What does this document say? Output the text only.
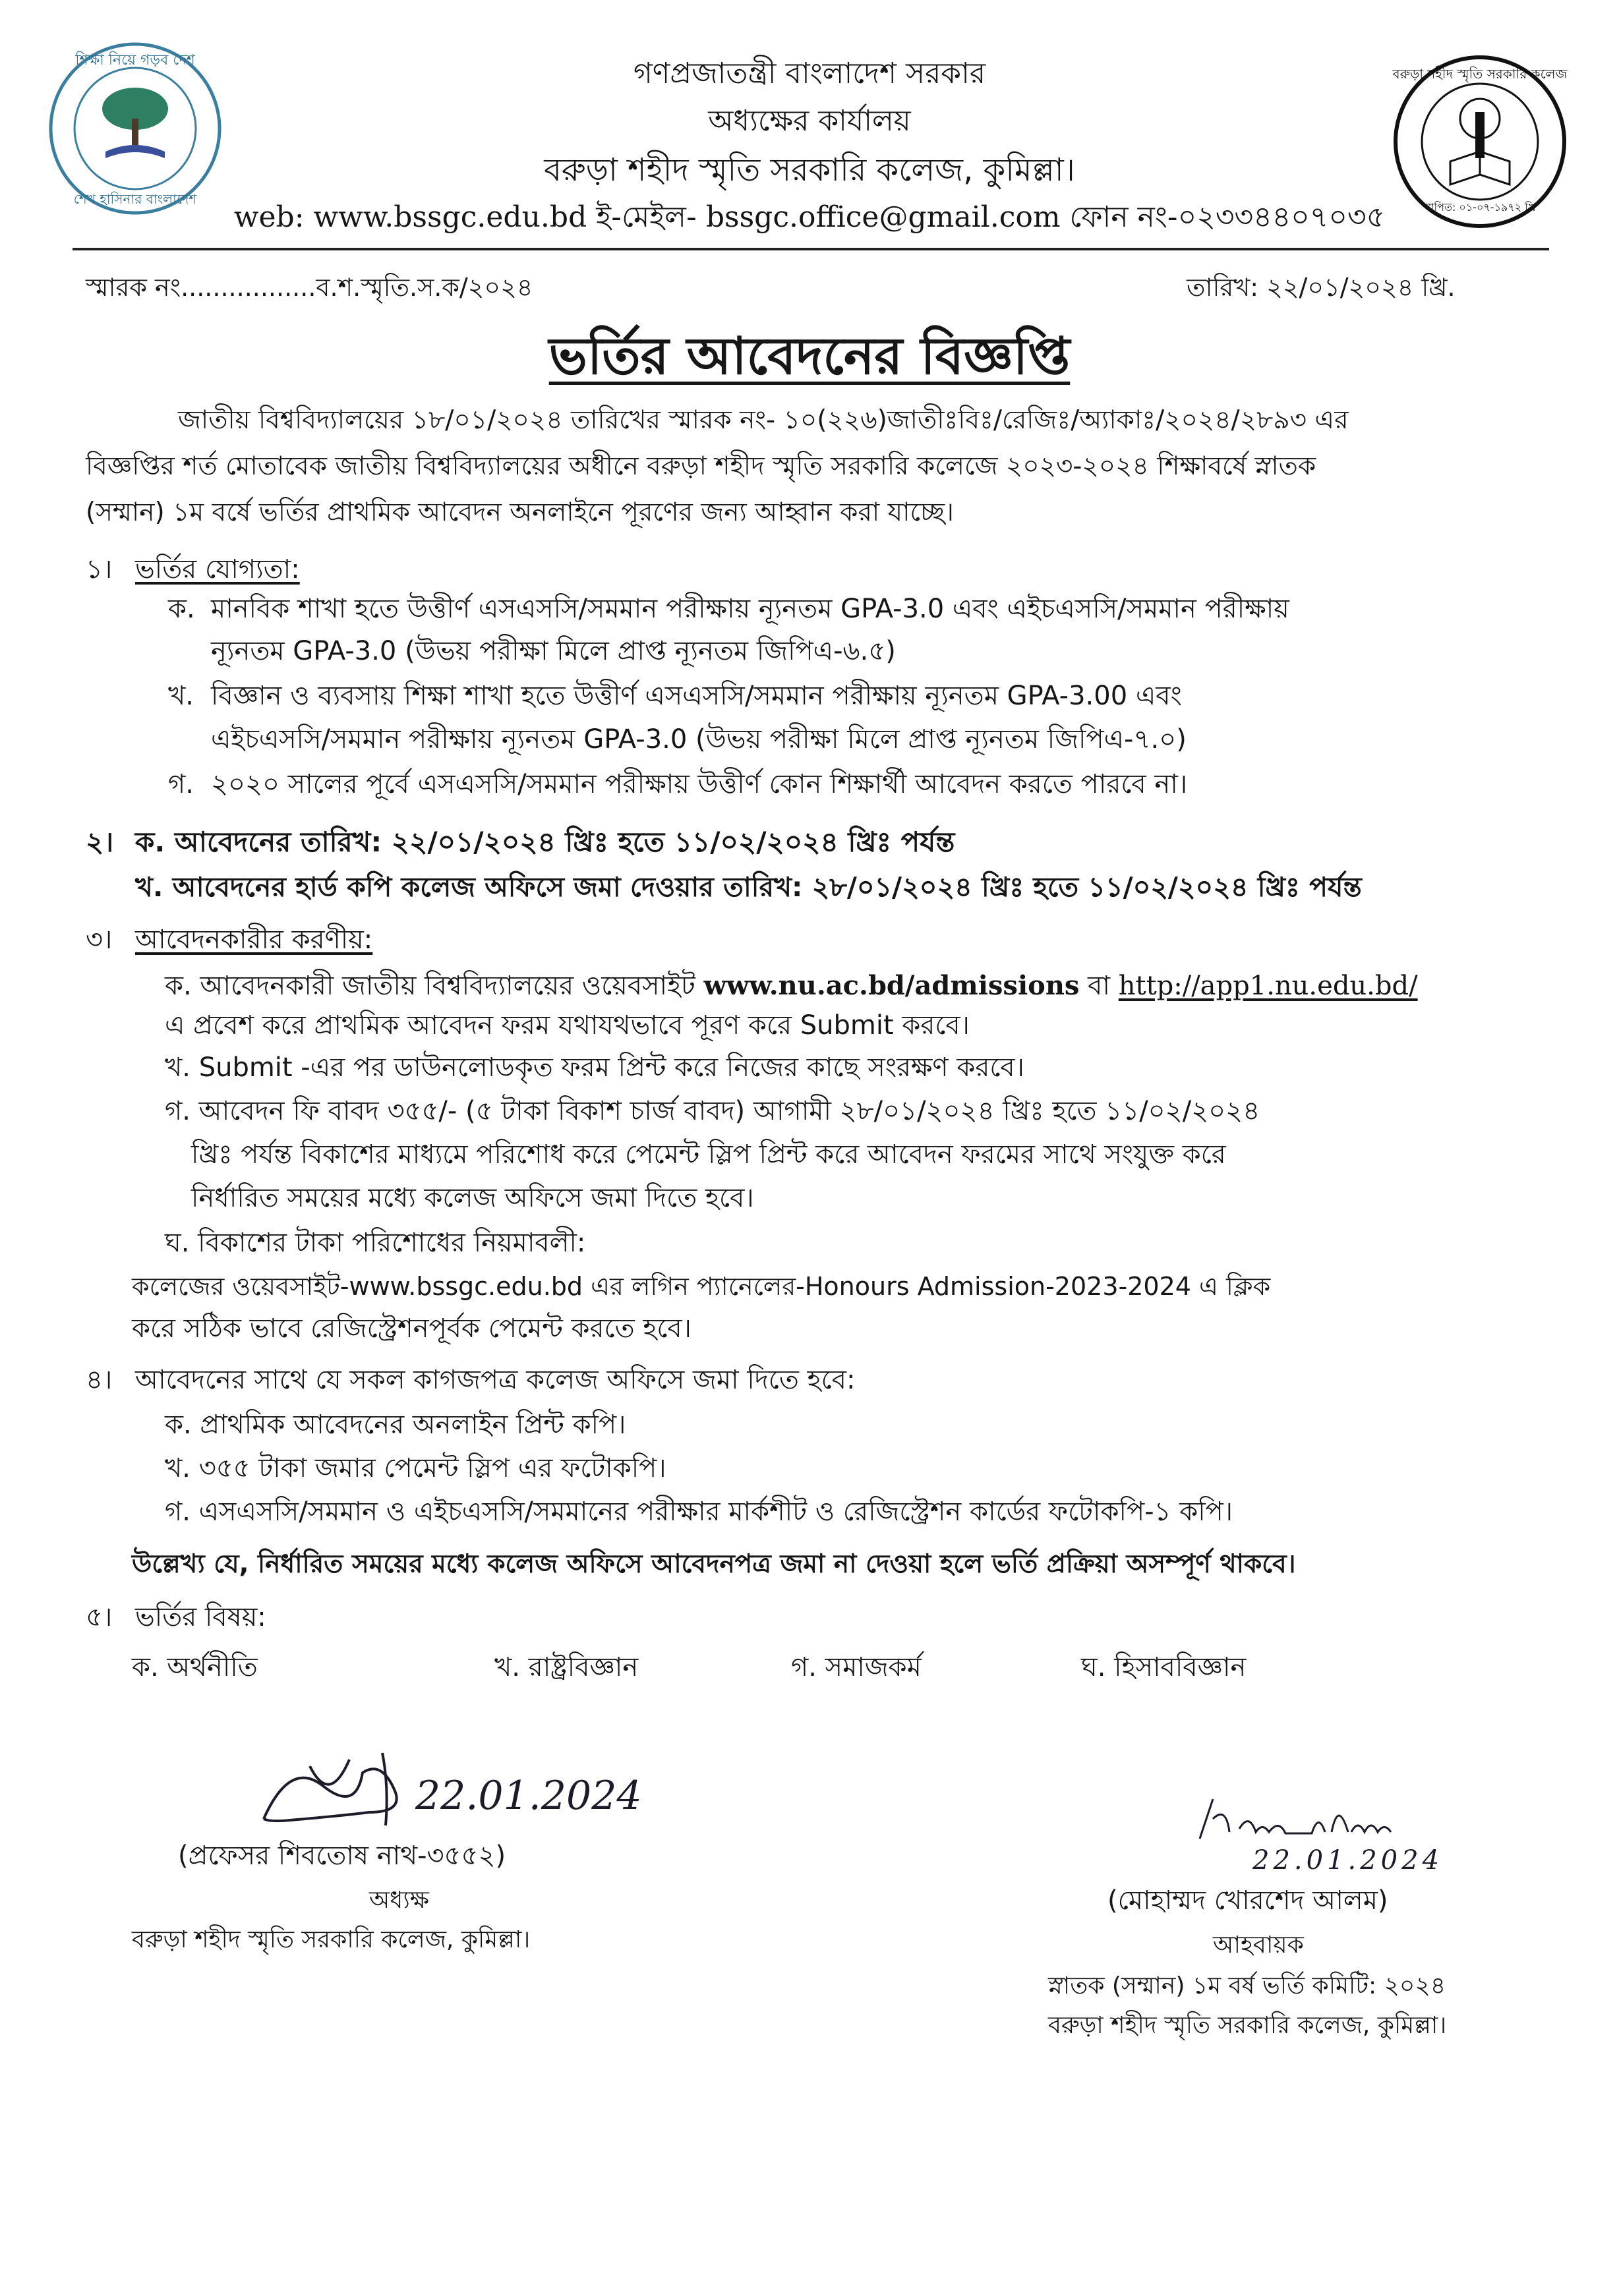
শিক্ষা নিয়ে গড়ব দেশ
শেখ হাসিনার বাংলাদেশ
গণপ্রজাতন্ত্রী বাংলাদেশ সরকার
অধ্যক্ষের কার্যালয়
বরুড়া শহীদ স্মৃতি সরকারি কলেজ, কুমিল্লা।
web: www.bssgc.edu.bd ই-মেইল- bssgc.office@gmail.com ফোন নং-০২৩৩৪৪০৭০৩৫
বরুড়া শহীদ স্মৃতি সরকারি কলেজ
স্থাপিত: ০১-০৭-১৯৭২ খ্রি
স্মারক নং.................ব.শ.স্মৃতি.স.ক/২০২৪	তারিখ: ২২/০১/২০২৪ খ্রি.
ভর্তির আবেদনের বিজ্ঞপ্তি
জাতীয় বিশ্ববিদ্যালয়ের ১৮/০১/২০২৪ তারিখের স্মারক নং- ১০(২২৬)জাতীঃবিঃ/রেজিঃ/অ্যাকাঃ/২০২৪/২৮৯৩ এর
বিজ্ঞপ্তির শর্ত মোতাবেক জাতীয় বিশ্ববিদ্যালয়ের অধীনে বরুড়া শহীদ স্মৃতি সরকারি কলেজে ২০২৩-২০২৪ শিক্ষাবর্ষে স্নাতক
(সম্মান) ১ম বর্ষে ভর্তির প্রাথমিক আবেদন অনলাইনে পূরণের জন্য আহ্বান করা যাচ্ছে।
১। ভর্তির যোগ্যতা:
ক. মানবিক শাখা হতে উত্তীর্ণ এসএসসি/সমমান পরীক্ষায় ন্যূনতম GPA-3.0 এবং এইচএসসি/সমমান পরীক্ষায়
ন্যূনতম GPA-3.0 (উভয় পরীক্ষা মিলে প্রাপ্ত ন্যূনতম জিপিএ-৬.৫)
খ. বিজ্ঞান ও ব্যবসায় শিক্ষা শাখা হতে উত্তীর্ণ এসএসসি/সমমান পরীক্ষায় ন্যূনতম GPA-3.00 এবং
এইচএসসি/সমমান পরীক্ষায় ন্যূনতম GPA-3.0 (উভয় পরীক্ষা মিলে প্রাপ্ত ন্যূনতম জিপিএ-৭.০)
গ. ২০২০ সালের পূর্বে এসএসসি/সমমান পরীক্ষায় উত্তীর্ণ কোন শিক্ষার্থী আবেদন করতে পারবে না।
২। ক. আবেদনের তারিখ: ২২/০১/২০২৪ খ্রিঃ হতে ১১/০২/২০২৪ খ্রিঃ পর্যন্ত
খ. আবেদনের হার্ড কপি কলেজ অফিসে জমা দেওয়ার তারিখ: ২৮/০১/২০২৪ খ্রিঃ হতে ১১/০২/২০২৪ খ্রিঃ পর্যন্ত
৩। আবেদনকারীর করণীয়:
ক. আবেদনকারী জাতীয় বিশ্ববিদ্যালয়ের ওয়েবসাইট www.nu.ac.bd/admissions বা http://app1.nu.edu.bd/
এ প্রবেশ করে প্রাথমিক আবেদন ফরম যথাযথভাবে পূরণ করে Submit করবে।
খ. Submit -এর পর ডাউনলোডকৃত ফরম প্রিন্ট করে নিজের কাছে সংরক্ষণ করবে।
গ. আবেদন ফি বাবদ ৩৫৫/- (৫ টাকা বিকাশ চার্জ বাবদ) আগামী ২৮/০১/২০২৪ খ্রিঃ হতে ১১/০২/২০২৪
খ্রিঃ পর্যন্ত বিকাশের মাধ্যমে পরিশোধ করে পেমেন্ট স্লিপ প্রিন্ট করে আবেদন ফরমের সাথে সংযুক্ত করে
নির্ধারিত সময়ের মধ্যে কলেজ অফিসে জমা দিতে হবে।
ঘ. বিকাশের টাকা পরিশোধের নিয়মাবলী:
কলেজের ওয়েবসাইট-www.bssgc.edu.bd এর লগিন প্যানেলের-Honours Admission-2023-2024 এ ক্লিক
করে সঠিক ভাবে রেজিস্ট্রেশনপূর্বক পেমেন্ট করতে হবে।
৪। আবেদনের সাথে যে সকল কাগজপত্র কলেজ অফিসে জমা দিতে হবে:
ক. প্রাথমিক আবেদনের অনলাইন প্রিন্ট কপি।
খ. ৩৫৫ টাকা জমার পেমেন্ট স্লিপ এর ফটোকপি।
গ. এসএসসি/সমমান ও এইচএসসি/সমমানের পরীক্ষার মার্কশীট ও রেজিস্ট্রেশন কার্ডের ফটোকপি-১ কপি।
উল্লেখ্য যে, নির্ধারিত সময়ের মধ্যে কলেজ অফিসে আবেদনপত্র জমা না দেওয়া হলে ভর্তি প্রক্রিয়া অসম্পূর্ণ থাকবে।
৫। ভর্তির বিষয়:
ক. অর্থনীতি	খ. রাষ্ট্রবিজ্ঞান	গ. সমাজকর্ম	ঘ. হিসাববিজ্ঞান
22.01.2024
(প্রফেসর শিবতোষ নাথ-৩৫৫২)
অধ্যক্ষ
বরুড়া শহীদ স্মৃতি সরকারি কলেজ, কুমিল্লা।
22.01.2024
(মোহাম্মদ খোরশেদ আলম)
আহবায়ক
স্নাতক (সম্মান) ১ম বর্ষ ভর্তি কমিটি: ২০২৪
বরুড়া শহীদ স্মৃতি সরকারি কলেজ, কুমিল্লা।
